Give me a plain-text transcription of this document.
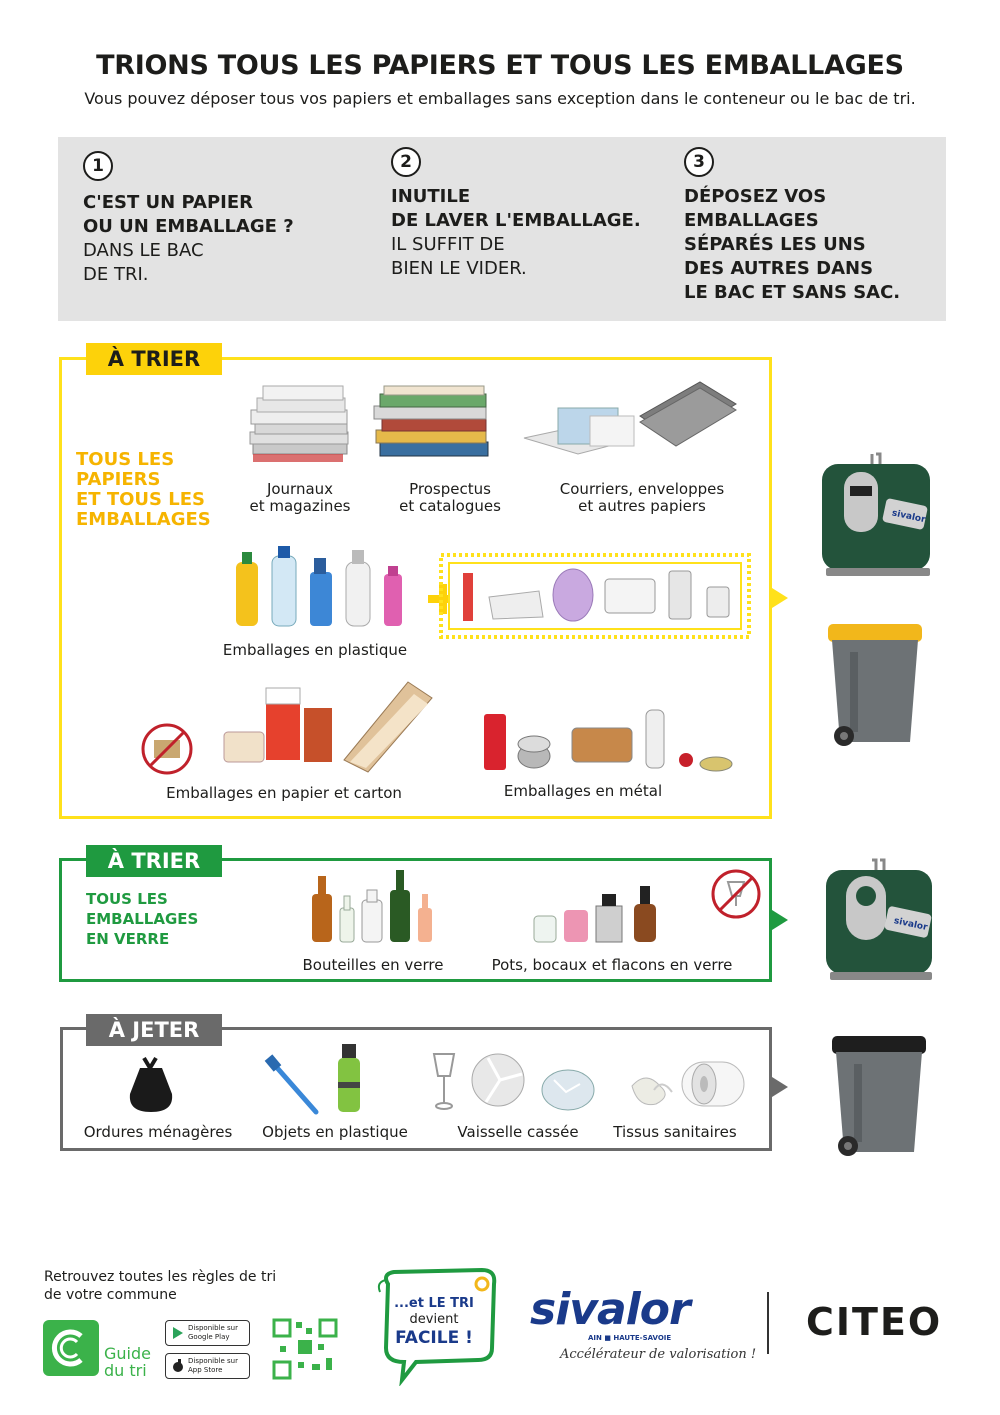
TRIONS TOUS LES PAPIERS ET TOUS LES EMBALLAGES

Vous pouvez déposer tous vos papiers et emballages sans exception dans le conteneur ou le bac de tri.

1
C'EST UN PAPIER
OU UN EMBALLAGE ?
DANS LE BAC
DE TRI.
2
INUTILE
DE LAVER L'EMBALLAGE.
IL SUFFIT DE
BIEN LE VIDER.
3
DÉPOSEZ VOS
EMBALLAGES
SÉPARÉS LES UNS
DES AUTRES DANS
LE BAC ET SANS SAC.
À TRIER
TOUS LES
PAPIERS
ET TOUS LES
EMBALLAGES
Journaux
et magazines
Prospectus
et catalogues
Courriers, enveloppes
et autres papiers
Emballages en plastique
Emballages en papier et carton	Emballages en métal
sivalor
À TRIER
TOUS LES
EMBALLAGES
EN VERRE
Bouteilles en verre	Pots, bocaux et flacons en verre
sivalor
À JETER
Ordures ménagères Objets en plastique	Vaisselle cassée	Tissus sanitaires
Retrouvez toutes les règles de tri
de votre commune
Guide
du tri
Disponible sur
Google Play
Disponible sur
App Store
...et LE TRI
devient
FACILE !
sivalor
AIN ■ HAUTE-SAVOIE
Accélérateur de valorisation !
CITEO
